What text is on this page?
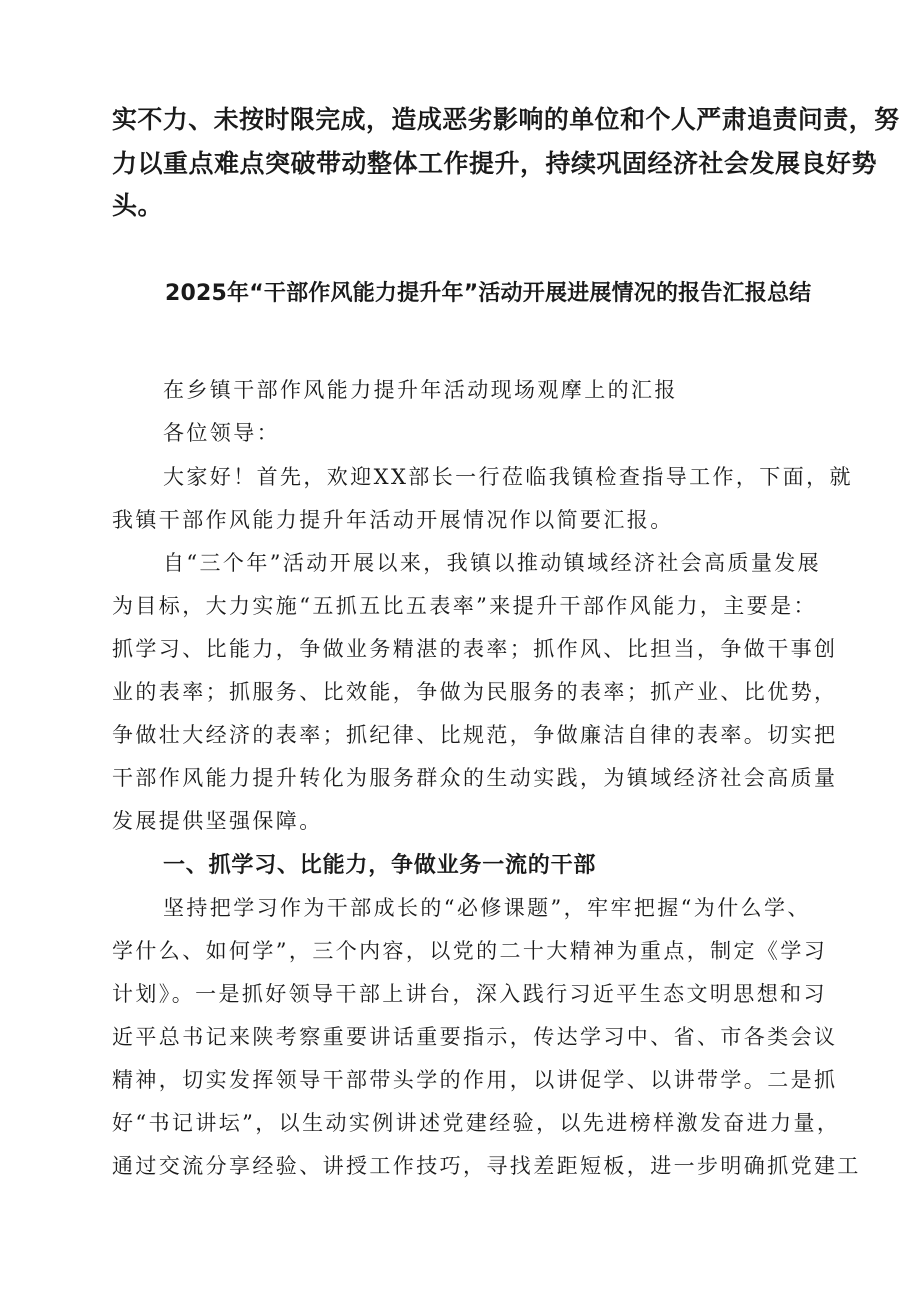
实不力、未按时限完成，造成恶劣影响的单位和个人严肃追责问责，努
力以重点难点突破带动整体工作提升，持续巩固经济社会发展良好势
头。
2025年“干部作风能力提升年”活动开展进展情况的报告汇报总结
在乡镇干部作风能力提升年活动现场观摩上的汇报
各位领导：
大家好！首先，欢迎XX部长一行莅临我镇检查指导工作，下面，就
我镇干部作风能力提升年活动开展情况作以简要汇报。
自“三个年”活动开展以来，我镇以推动镇域经济社会高质量发展
为目标，大力实施“五抓五比五表率”来提升干部作风能力，主要是：
抓学习、比能力，争做业务精湛的表率；抓作风、比担当，争做干事创
业的表率；抓服务、比效能，争做为民服务的表率；抓产业、比优势，
争做壮大经济的表率；抓纪律、比规范，争做廉洁自律的表率。切实把
干部作风能力提升转化为服务群众的生动实践，为镇域经济社会高质量
发展提供坚强保障。
一、抓学习、比能力，争做业务一流的干部
坚持把学习作为干部成长的“必修课题”，牢牢把握“为什么学、
学什么、如何学”，三个内容，以党的二十大精神为重点，制定《学习
计划》。一是抓好领导干部上讲台，深入践行习近平生态文明思想和习
近平总书记来陕考察重要讲话重要指示，传达学习中、省、市各类会议
精神，切实发挥领导干部带头学的作用，以讲促学、以讲带学。二是抓
好“书记讲坛”，以生动实例讲述党建经验，以先进榜样激发奋进力量，
通过交流分享经验、讲授工作技巧，寻找差距短板，进一步明确抓党建工
